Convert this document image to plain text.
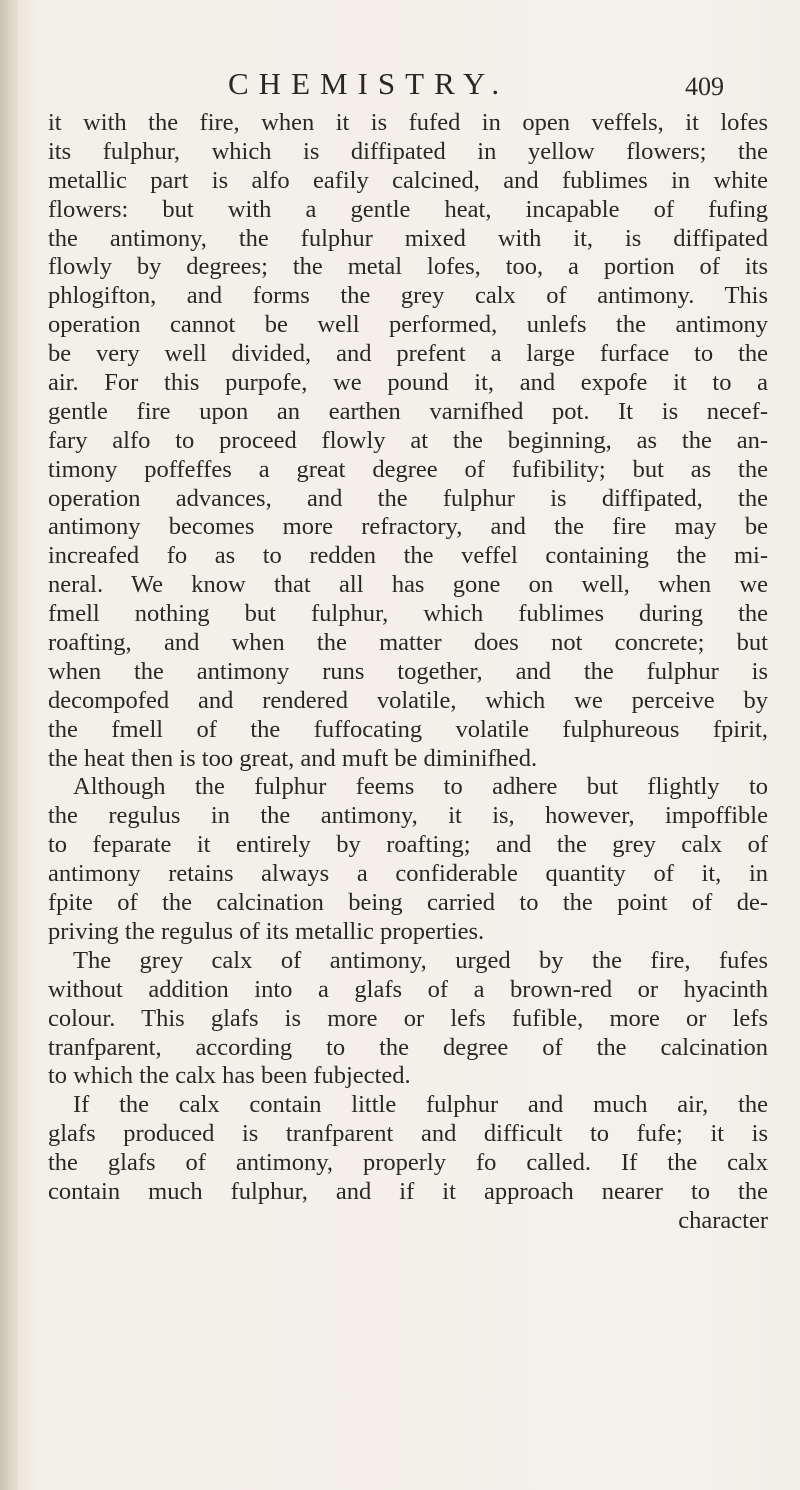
CHEMISTRY.	409
it with the fire, when it is fufed in open veffels, it lofes
its fulphur, which is diffipated in yellow flowers; the
metallic part is alfo eafily calcined, and fublimes in white
flowers: but with a gentle heat, incapable of fufing
the antimony, the fulphur mixed with it, is diffipated
flowly by degrees; the metal lofes, too, a portion of its
phlogifton, and forms the grey calx of antimony. This
operation cannot be well performed, unlefs the antimony
be very well divided, and prefent a large furface to the
air. For this purpofe, we pound it, and expofe it to a
gentle fire upon an earthen varnifhed pot. It is necef-
fary alfo to proceed flowly at the beginning, as the an-
timony poffeffes a great degree of fufibility; but as the
operation advances, and the fulphur is diffipated, the
antimony becomes more refractory, and the fire may be
increafed fo as to redden the veffel containing the mi-
neral. We know that all has gone on well, when we
fmell nothing but fulphur, which fublimes during the
roafting, and when the matter does not concrete; but
when the antimony runs together, and the fulphur is
decompofed and rendered volatile, which we perceive by
the fmell of the fuffocating volatile fulphureous fpirit,
the heat then is too great, and muft be diminifhed.
Although the fulphur feems to adhere but flightly to
the regulus in the antimony, it is, however, impoffible
to feparate it entirely by roafting; and the grey calx of
antimony retains always a confiderable quantity of it, in
fpite of the calcination being carried to the point of de-
priving the regulus of its metallic properties.
The grey calx of antimony, urged by the fire, fufes
without addition into a glafs of a brown-red or hyacinth
colour. This glafs is more or lefs fufible, more or lefs
tranfparent, according to the degree of the calcination
to which the calx has been fubjected.
If the calx contain little fulphur and much air, the
glafs produced is tranfparent and difficult to fufe; it is
the glafs of antimony, properly fo called. If the calx
contain much fulphur, and if it approach nearer to the
character
